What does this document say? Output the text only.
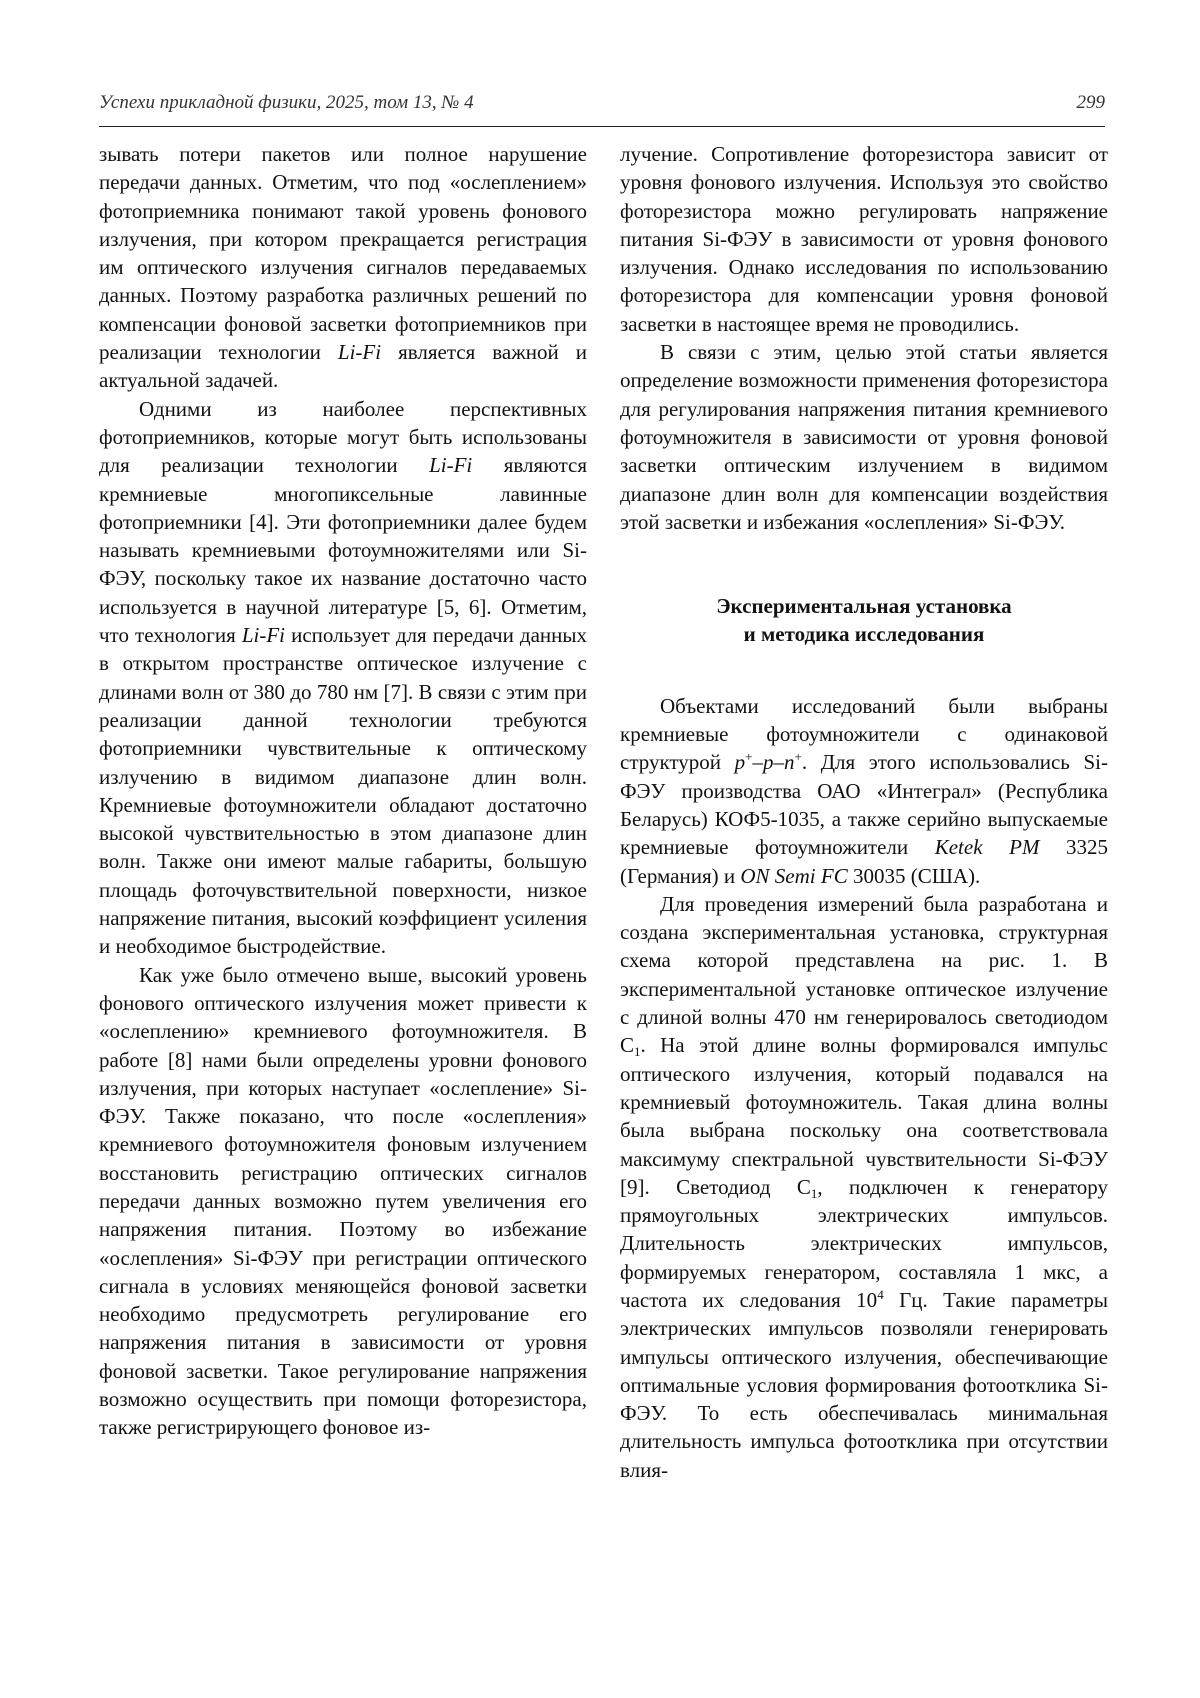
Успехи прикладной физики, 2025, том 13, № 4	299

зывать потери пакетов или полное нарушение передачи данных. Отметим, что под «ослеплением» фотоприемника понимают такой уровень фонового излучения, при котором прекращается регистрация им оптического излучения сигналов передаваемых данных. Поэтому разработка различных решений по компенсации фоновой засветки фотоприемников при реализации технологии Li-Fi является важной и актуальной задачей.

Одними из наиболее перспективных фотоприемников, которые могут быть использованы для реализации технологии Li-Fi являются кремниевые многопиксельные лавинные фотоприемники [4]. Эти фотоприемники далее будем называть кремниевыми фотоумножителями или Si-ФЭУ, поскольку такое их название достаточно часто используется в научной литературе [5, 6]. Отметим, что технология Li-Fi использует для передачи данных в открытом пространстве оптическое излучение с длинами волн от 380 до 780 нм [7]. В связи с этим при реализации данной технологии требуются фотоприемники чувствительные к оптическому излучению в видимом диапазоне длин волн. Кремниевые фотоумножители обладают достаточно высокой чувствительностью в этом диапазоне длин волн. Также они имеют малые габариты, большую площадь фоточувствительной поверхности, низкое напряжение питания, высокий коэффициент усиления и необходимое быстродействие.

Как уже было отмечено выше, высокий уровень фонового оптического излучения может привести к «ослеплению» кремниевого фотоумножителя. В работе [8] нами были определены уровни фонового излучения, при которых наступает «ослепление» Si-ФЭУ. Также показано, что после «ослепления» кремниевого фотоумножителя фоновым излучением восстановить регистрацию оптических сигналов передачи данных возможно путем увеличения его напряжения питания. Поэтому во избежание «ослепления» Si-ФЭУ при регистрации оптического сигнала в условиях меняющейся фоновой засветки необходимо предусмотреть регулирование его напряжения питания в зависимости от уровня фоновой засветки. Такое регулирование напряжения возможно осуществить при помощи фоторезистора, также регистрирующего фоновое из-

лучение. Сопротивление фоторезистора зависит от уровня фонового излучения. Используя это свойство фоторезистора можно регулировать напряжение питания Si-ФЭУ в зависимости от уровня фонового излучения. Однако исследования по использованию фоторезистора для компенсации уровня фоновой засветки в настоящее время не проводились.

В связи с этим, целью этой статьи является определение возможности применения фоторезистора для регулирования напряжения питания кремниевого фотоумножителя в зависимости от уровня фоновой засветки оптическим излучением в видимом диапазоне длин волн для компенсации воздействия этой засветки и избежания «ослепления» Si-ФЭУ.

Экспериментальная установка
и методика исследования

Объектами исследований были выбраны кремниевые фотоумножители с одинаковой структурой p+–p–n+. Для этого использовались Si-ФЭУ производства ОАО «Интеграл» (Республика Беларусь) КОФ5-1035, а также серийно выпускаемые кремниевые фотоумножители Ketek PM 3325 (Германия) и ON Semi FC 30035 (США).

Для проведения измерений была разработана и создана экспериментальная установка, структурная схема которой представлена на рис. 1. В экспериментальной установке оптическое излучение с длиной волны 470 нм генерировалось светодиодом $С_1$. На этой длине волны формировался импульс оптического излучения, который подавался на кремниевый фотоумножитель. Такая длина волны была выбрана поскольку она соответствовала максимуму спектральной чувствительности Si-ФЭУ [9]. Светодиод $С_1$, подключен к генератору прямоугольных электрических импульсов. Длительность электрических импульсов, формируемых генератором, составляла 1 мкс, а частота их следования $10^4$ Гц. Такие параметры электрических импульсов позволяли генерировать импульсы оптического излучения, обеспечивающие оптимальные условия формирования фотоотклика Si-ФЭУ. То есть обеспечивалась минимальная длительность импульса фотоотклика при отсутствии влия-
